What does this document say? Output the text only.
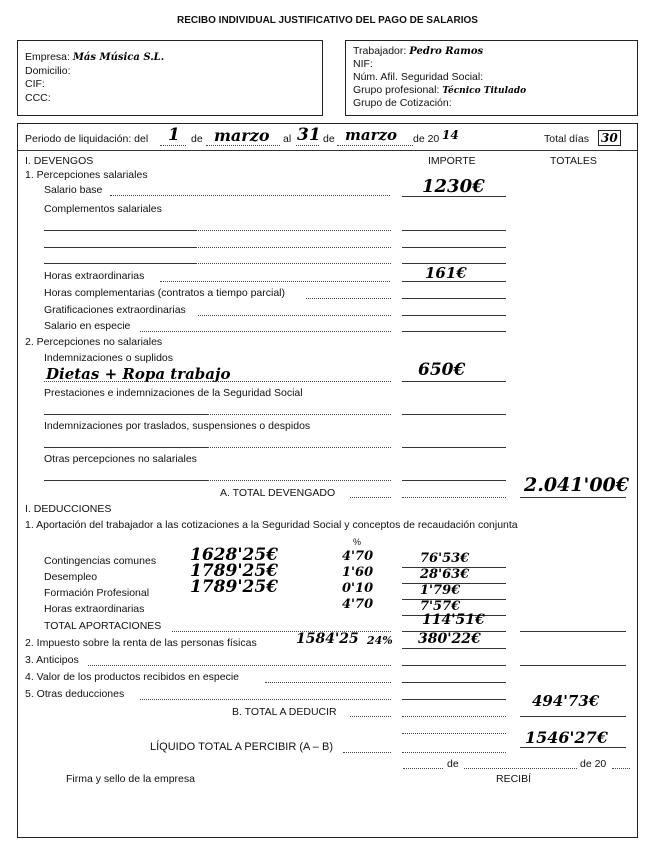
RECIBO INDIVIDUAL JUSTIFICATIVO DEL PAGO DE SALARIOS
Empresa: Más Música S.L.
Domicilio:
CIF:
CCC:
Trabajador: Pedro Ramos
NIF:
Núm. Afil. Seguridad Social:
Grupo profesional: Técnico Titulado
Grupo de Cotización:
Periodo de liquidación: del 1 de marzo al 31 de marzo de 20 14	Total días 30
IMPORTE	TOTALES
I. DEVENGOS
1. Percepciones salariales
Salario base	1230€
Complementos salariales
Horas extraordinarias	161€
Horas complementarias (contratos a tiempo parcial)
Gratificaciones extraordinarias
Salario en especie
2. Percepciones no salariales
Indemnizaciones o suplidos
Dietas + Ropa trabajo	650€
Prestaciones e indemnizaciones de la Seguridad Social
Indemnizaciones por traslados, suspensiones o despidos
Otras percepciones no salariales
A. TOTAL DEVENGADO	2.041'00€
I. DEDUCCIONES
1. Aportación del trabajador a las cotizaciones a la Seguridad Social y conceptos de recaudación conjunta
%
Contingencias comunes 1628'25€	4'70	76'53€
Desempleo	1789'25€	1'60	28'63€
Formación Profesional 1789'25€	0'10	1'79€
Horas extraordinarias	4'70	7'57€
TOTAL APORTACIONES	114'51€
2. Impuesto sobre la renta de las personas físicas	1584'25 24% 380'22€
3. Anticipos
4. Valor de los productos recibidos en especie
5. Otras deducciones	494'73€
B. TOTAL A DEDUCIR
LÍQUIDO TOTAL A PERCIBIR (A – B)	1546'27€
de	de 20
Firma y sello de la empresa	RECIBÍ
